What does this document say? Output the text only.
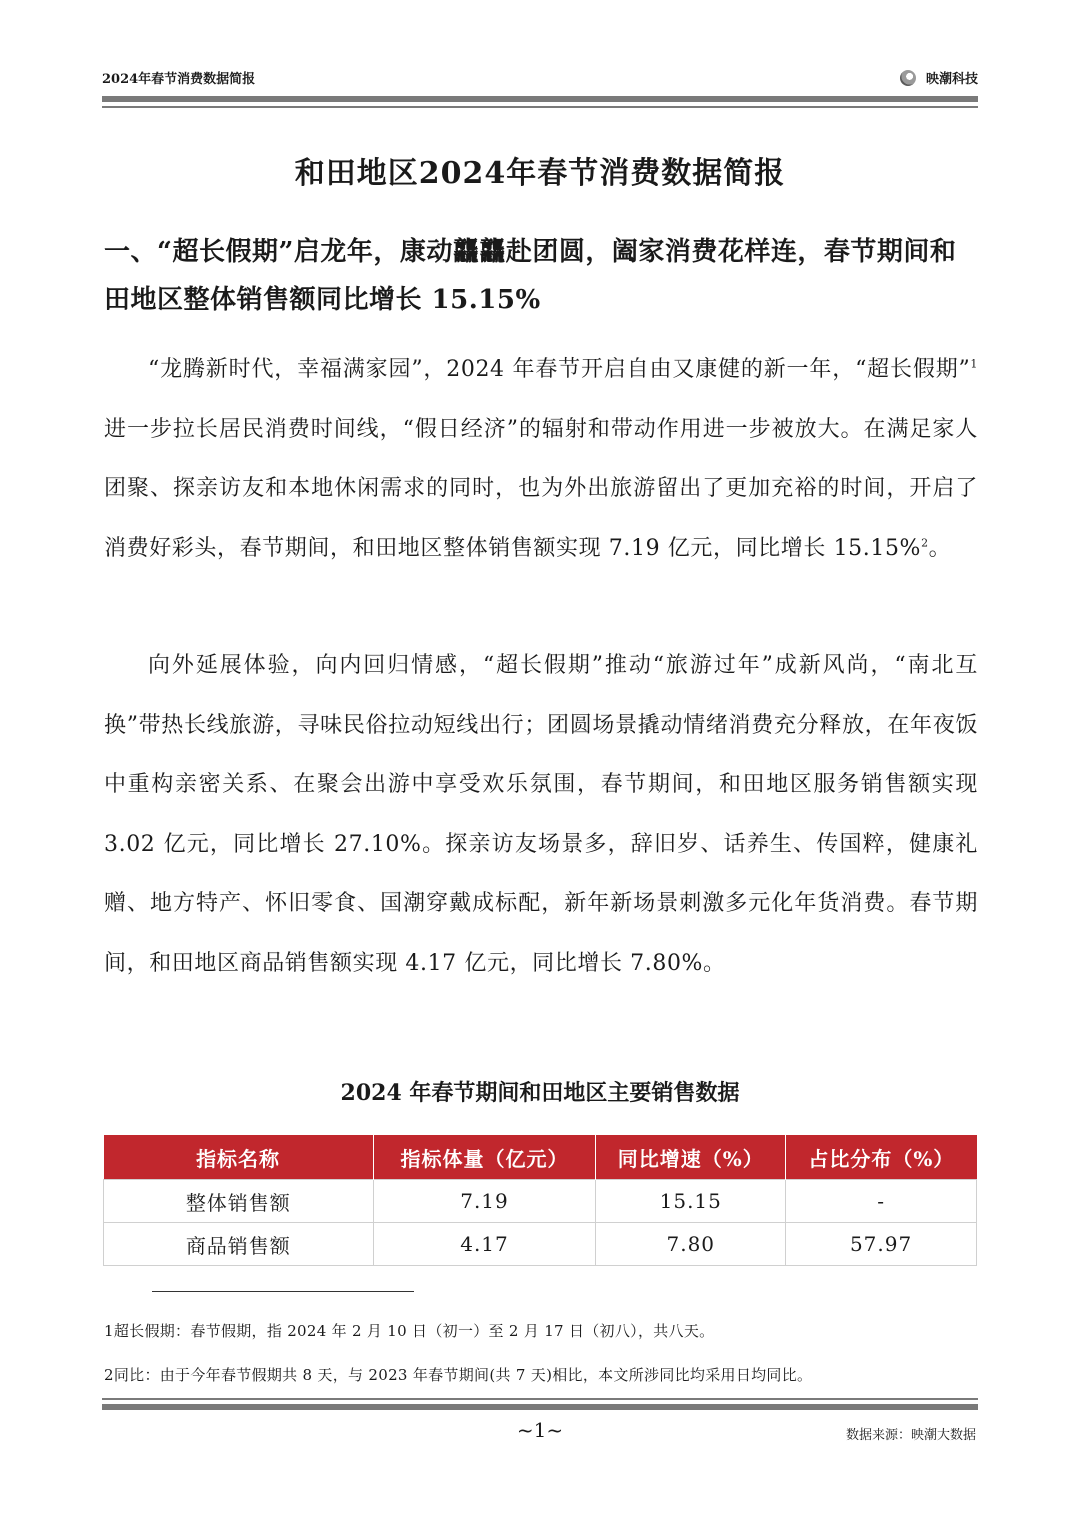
2024年春节消费数据简报	映潮科技
和田地区2024年春节消费数据简报
一、“超长假期”启龙年，康动龘龘赴团圆，阖家消费花样连，春节期间和田地区整体销售额同比增长 15.15%
“龙腾新时代，幸福满家园”，2024 年春节开启自由又康健的新一年，“超长假期”$^1$进一步拉长居民消费时间线，“假日经济”的辐射和带动作用进一步被放大。在满足家人团聚、探亲访友和本地休闲需求的同时，也为外出旅游留出了更加充裕的时间，开启了消费好彩头，春节期间，和田地区整体销售额实现 7.19 亿元，同比增长 15.15%$^2$。
向外延展体验，向内回归情感，“超长假期”推动“旅游过年”成新风尚，“南北互换”带热长线旅游，寻味民俗拉动短线出行；团圆场景撬动情绪消费充分释放，在年夜饭中重构亲密关系、在聚会出游中享受欢乐氛围，春节期间，和田地区服务销售额实现 3.02 亿元，同比增长 27.10%。探亲访友场景多，辞旧岁、话养生、传国粹，健康礼赠、地方特产、怀旧零食、国潮穿戴成标配，新年新场景刺激多元化年货消费。春节期间，和田地区商品销售额实现 4.17 亿元，同比增长 7.80%。
2024 年春节期间和田地区主要销售数据
指标名称	指标体量（亿元）	同比增速（%）	占比分布（%）
整体销售额	7.19	15.15	-
商品销售额	4.17	7.80	57.97
1超长假期：春节假期，指 2024 年 2 月 10 日（初一）至 2 月 17 日（初八），共八天。
2同比：由于今年春节假期共 8 天，与 2023 年春节期间(共 7 天)相比，本文所涉同比均采用日均同比。
~1~	数据来源：映潮大数据
